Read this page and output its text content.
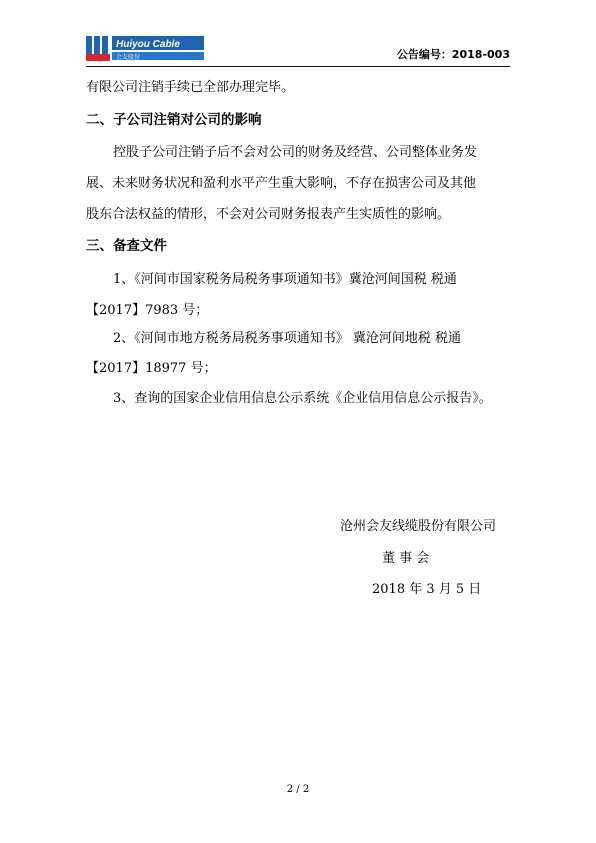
Huiyou Cable
会友股份	公告编号：2018-003
有限公司注销手续已全部办理完毕。
二、子公司注销对公司的影响
控股子公司注销子后不会对公司的财务及经营、公司整体业务发
展、未来财务状况和盈利水平产生重大影响，不存在损害公司及其他
股东合法权益的情形，不会对公司财务报表产生实质性的影响。
三、备查文件
1、《河间市国家税务局税务事项通知书》冀沧河间国税 税通
【2017】7983 号；
2、《河间市地方税务局税务事项通知书》 冀沧河间地税 税通
【2017】18977 号；
3、查询的国家企业信用信息公示系统《企业信用信息公示报告》。
沧州会友线缆股份有限公司
董 事 会
2018 年 3 月 5 日
2 / 2
